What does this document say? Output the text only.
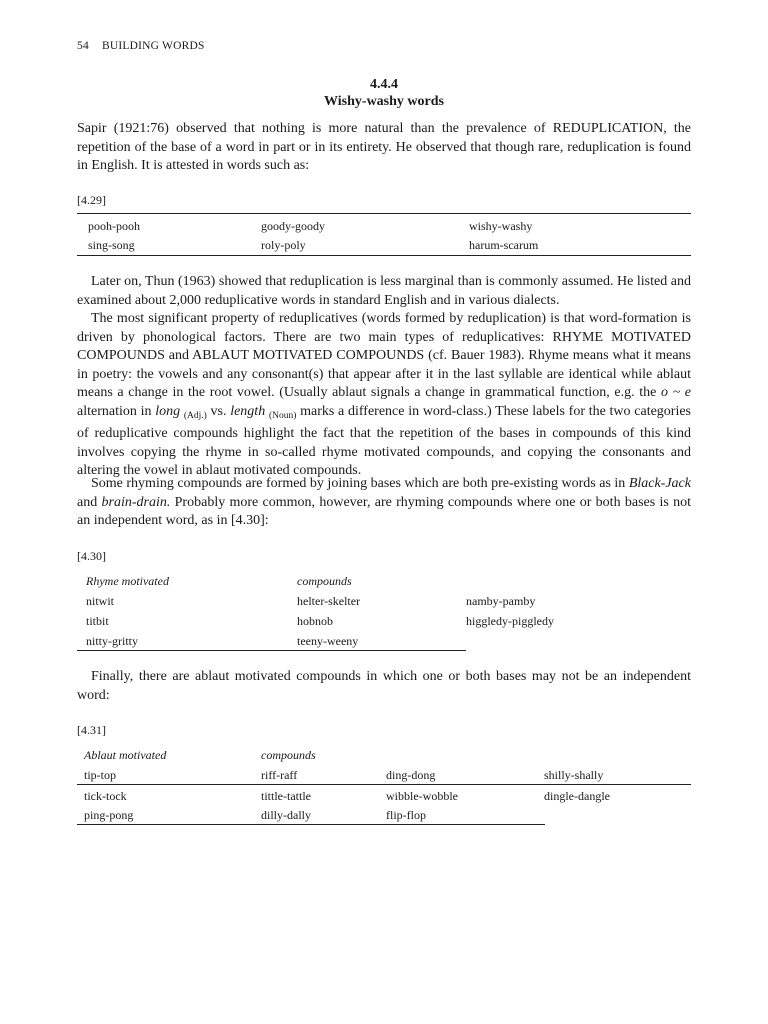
54 BUILDING WORDS
4.4.4
Wishy-washy words

Sapir (1921:76) observed that nothing is more natural than the prevalence of REDUPLICATION, the repetition of the base of a word in part or in its entirety. He observed that though rare, reduplication is found in English. It is attested in words such as:

[4.29]
pooh-pooh	goody-goody	wishy-washy
sing-song	roly-poly	harum-scarum

Later on, Thun (1963) showed that reduplication is less marginal than is commonly assumed. He listed and examined about 2,000 reduplicative words in standard English and in various dialects.

The most significant property of reduplicatives (words formed by reduplication) is that word-formation is driven by phonological factors. There are two main types of reduplicatives: RHYME MOTIVATED COMPOUNDS and ABLAUT MOTIVATED COMPOUNDS (cf. Bauer 1983). Rhyme means what it means in poetry: the vowels and any consonant(s) that appear after it in the last syllable are identical while ablaut means a change in the root vowel. (Usually ablaut signals a change in grammatical function, e.g. the o ~ e alternation in long $_{(Adj.)}$ vs. length $_{(Noun)}$ marks a difference in word-class.) These labels for the two categories of reduplicative compounds highlight the fact that the repetition of the bases in compounds of this kind involves copying the rhyme in so-called rhyme motivated compounds, and copying the consonants and altering the vowel in ablaut motivated compounds.

Some rhyming compounds are formed by joining bases which are both pre-existing words as in Black-Jack and brain-drain. Probably more common, however, are rhyming compounds where one or both bases is not an independent word, as in [4.30]:

[4.30]
Rhyme motivated	compounds
nitwit	helter-skelter	namby-pamby
titbit	hobnob	higgledy-piggledy
nitty-gritty	teeny-weeny

Finally, there are ablaut motivated compounds in which one or both bases may not be an independent word:

[4.31]
Ablaut motivated	compounds
tip-top	riff-raff	ding-dong	shilly-shally
tick-tock	tittle-tattle	wibble-wobble	dingle-dangle
ping-pong	dilly-dally	flip-flop
